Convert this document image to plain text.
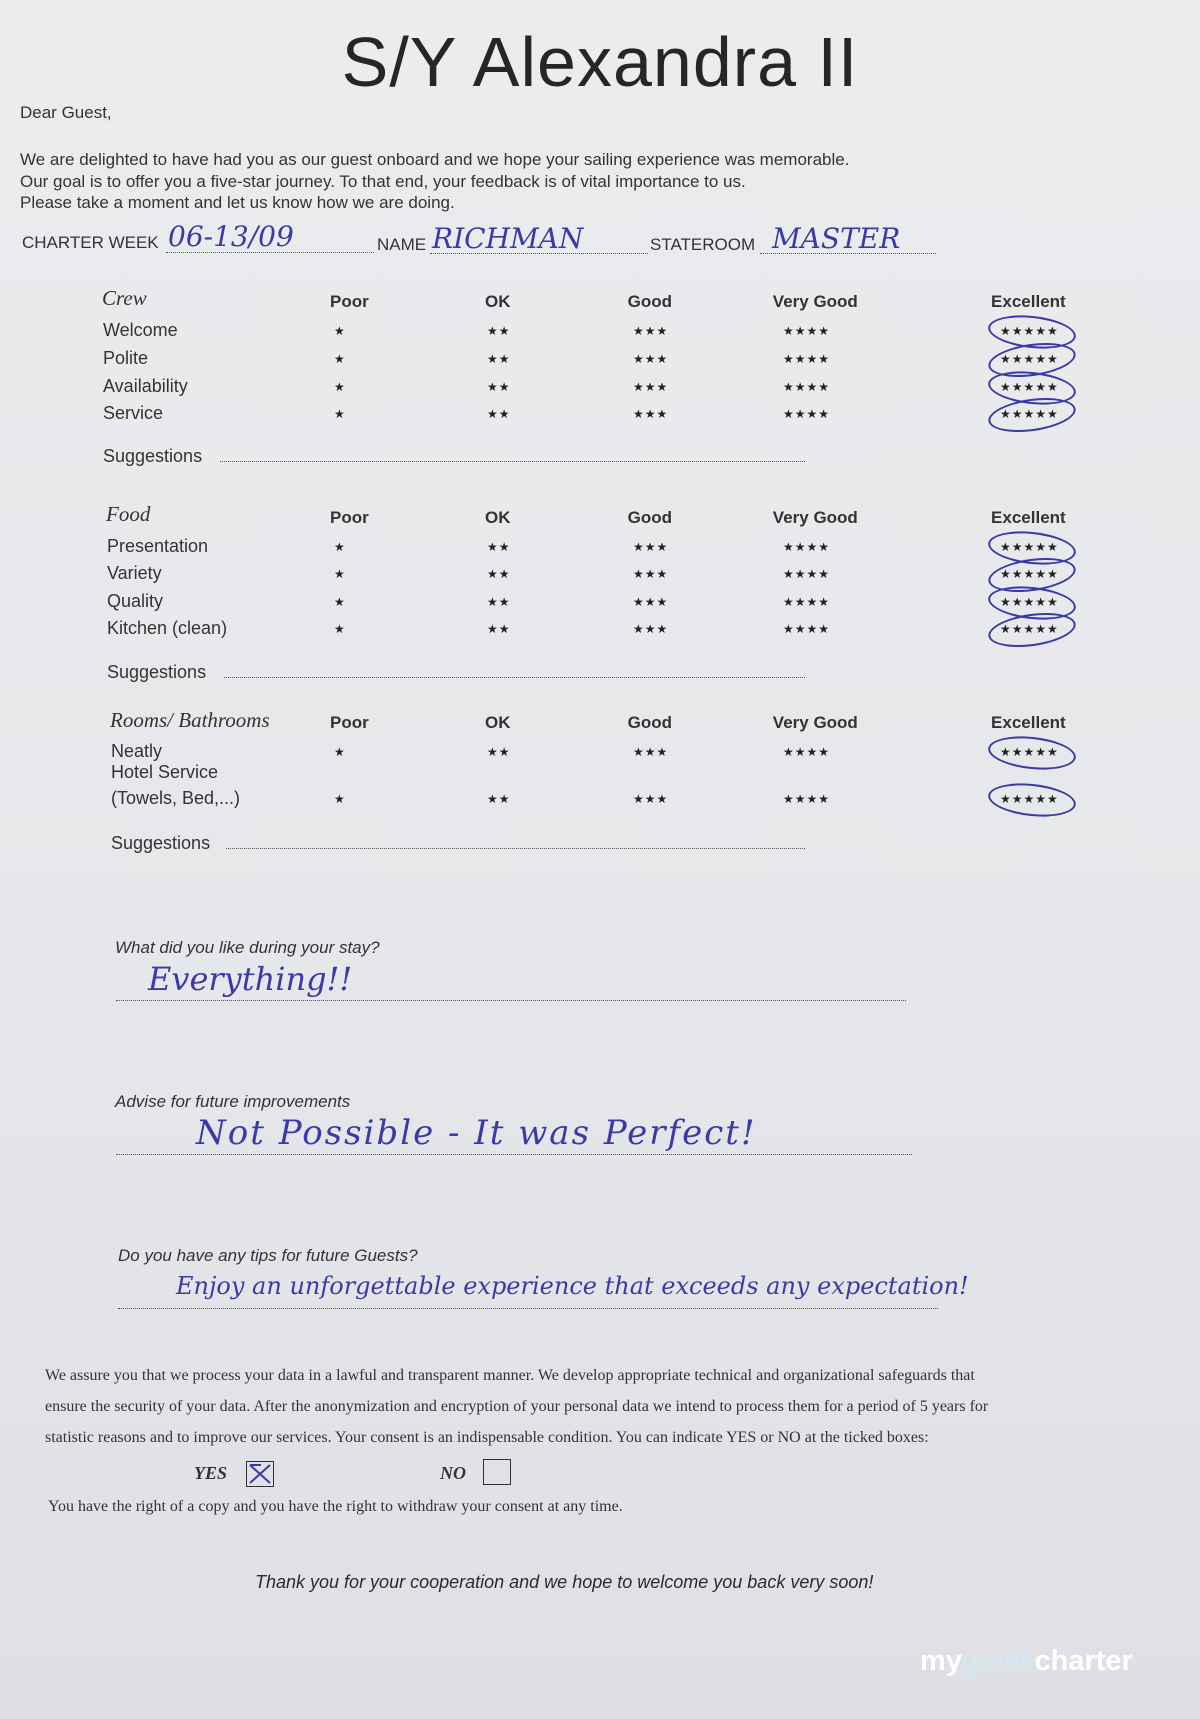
S/Y Alexandra II
Dear Guest,
We are delighted to have had you as our guest onboard and we hope your sailing experience was memorable.
Our goal is to offer you a five-star journey. To that end, your feedback is of vital importance to us.
Please take a moment and let us know how we are doing.
CHARTER WEEK 06-13/09	NAME RICHMAN	STATEROOM MASTER
Crew	Poor	OK	Good	Very Good	Excellent
Welcome	★	★★	★★★	★★★★	★★★★★
Polite	★	★★	★★★	★★★★	★★★★★
Availability	★	★★	★★★	★★★★	★★★★★
Service	★	★★	★★★	★★★★	★★★★★
Suggestions
Food	Poor	OK	Good	Very Good	Excellent
Presentation	★	★★	★★★	★★★★	★★★★★
Variety	★	★★	★★★	★★★★	★★★★★
Quality	★	★★	★★★	★★★★	★★★★★
Kitchen (clean)	★	★★	★★★	★★★★	★★★★★
Suggestions
Rooms/ Bathrooms	Poor	OK	Good	Very Good	Excellent
Neatly	★	★★	★★★	★★★★	★★★★★
Hotel Service
(Towels, Bed,...)	★	★★	★★★	★★★★	★★★★★
Suggestions
What did you like during your stay?
Everything!!
Advise for future improvements
Not Possible - It was Perfect!
Do you have any tips for future Guests?
Enjoy an unforgettable experience that exceeds any expectation!
We assure you that we process your data in a lawful and transparent manner. We develop appropriate technical and organizational safeguards that
ensure the security of your data. After the anonymization and encryption of your personal data we intend to process them for a period of 5 years for
statistic reasons and to improve our services. Your consent is an indispensable condition. You can indicate YES or NO at the ticked boxes:
YES	NO
You have the right of a copy and you have the right to withdraw your consent at any time.
Thank you for your cooperation and we hope to welcome you back very soon!
mygreekcharter
